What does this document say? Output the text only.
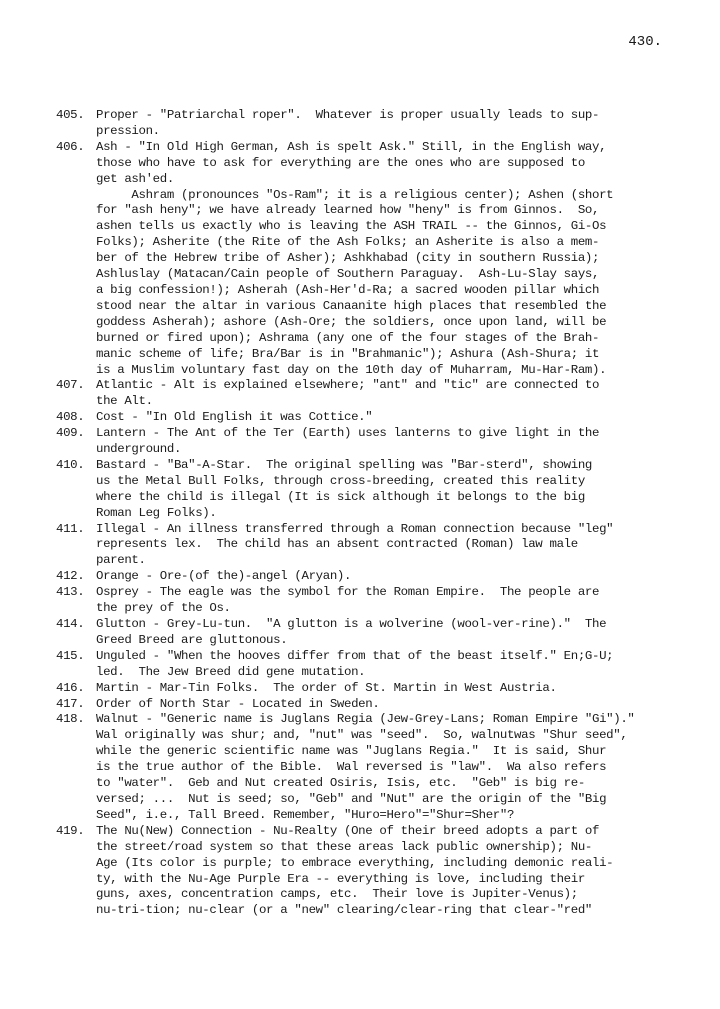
430.
405. Proper - "Patriarchal roper".  Whatever is proper usually leads to sup-
pression.
406. Ash - "In Old High German, Ash is spelt Ask." Still, in the English way,
those who have to ask for everything are the ones who are supposed to
get ash'ed.
Ashram (pronounces "Os-Ram"; it is a religious center); Ashen (short
for "ash heny"; we have already learned how "heny" is from Ginnos.  So,
ashen tells us exactly who is leaving the ASH TRAIL -- the Ginnos, Gi-Os
Folks); Asherite (the Rite of the Ash Folks; an Asherite is also a mem-
ber of the Hebrew tribe of Asher); Ashkhabad (city in southern Russia);
Ashluslay (Matacan/Cain people of Southern Paraguay.  Ash-Lu-Slay says,
a big confession!); Asherah (Ash-Her'd-Ra; a sacred wooden pillar which
stood near the altar in various Canaanite high places that resembled the
goddess Asherah); ashore (Ash-Ore; the soldiers, once upon land, will be
burned or fired upon); Ashrama (any one of the four stages of the Brah-
manic scheme of life; Bra/Bar is in "Brahmanic"); Ashura (Ash-Shura; it
is a Muslim voluntary fast day on the 10th day of Muharram, Mu-Har-Ram).
407. Atlantic - Alt is explained elsewhere; "ant" and "tic" are connected to
the Alt.
408. Cost - "In Old English it was Cottice."
409. Lantern - The Ant of the Ter (Earth) uses lanterns to give light in the
underground.
410. Bastard - "Ba"-A-Star.  The original spelling was "Bar-sterd", showing
us the Metal Bull Folks, through cross-breeding, created this reality
where the child is illegal (It is sick although it belongs to the big
Roman Leg Folks).
411. Illegal - An illness transferred through a Roman connection because "leg"
represents lex.  The child has an absent contracted (Roman) law male
parent.
412. Orange - Ore-(of the)-angel (Aryan).
413. Osprey - The eagle was the symbol for the Roman Empire.  The people are
the prey of the Os.
414. Glutton - Grey-Lu-tun.  "A glutton is a wolverine (wool-ver-rine)."  The
Greed Breed are gluttonous.
415. Unguled - "When the hooves differ from that of the beast itself." En;G-U;
led.  The Jew Breed did gene mutation.
416. Martin - Mar-Tin Folks.  The order of St. Martin in West Austria.
417. Order of North Star - Located in Sweden.
418. Walnut - "Generic name is Juglans Regia (Jew-Grey-Lans; Roman Empire "Gi")."
Wal originally was shur; and, "nut" was "seed".  So, walnutwas "Shur seed",
while the generic scientific name was "Juglans Regia."  It is said, Shur
is the true author of the Bible.  Wal reversed is "law".  Wa also refers
to "water".  Geb and Nut created Osiris, Isis, etc.  "Geb" is big re-
versed; ...  Nut is seed; so, "Geb" and "Nut" are the origin of the "Big
Seed", i.e., Tall Breed. Remember, "Huro=Hero"="Shur=Sher"?
419. The Nu(New) Connection - Nu-Realty (One of their breed adopts a part of
the street/road system so that these areas lack public ownership); Nu-
Age (Its color is purple; to embrace everything, including demonic reali-
ty, with the Nu-Age Purple Era -- everything is love, including their
guns, axes, concentration camps, etc.  Their love is Jupiter-Venus);
nu-tri-tion; nu-clear (or a "new" clearing/clear-ring that clear-"red"
